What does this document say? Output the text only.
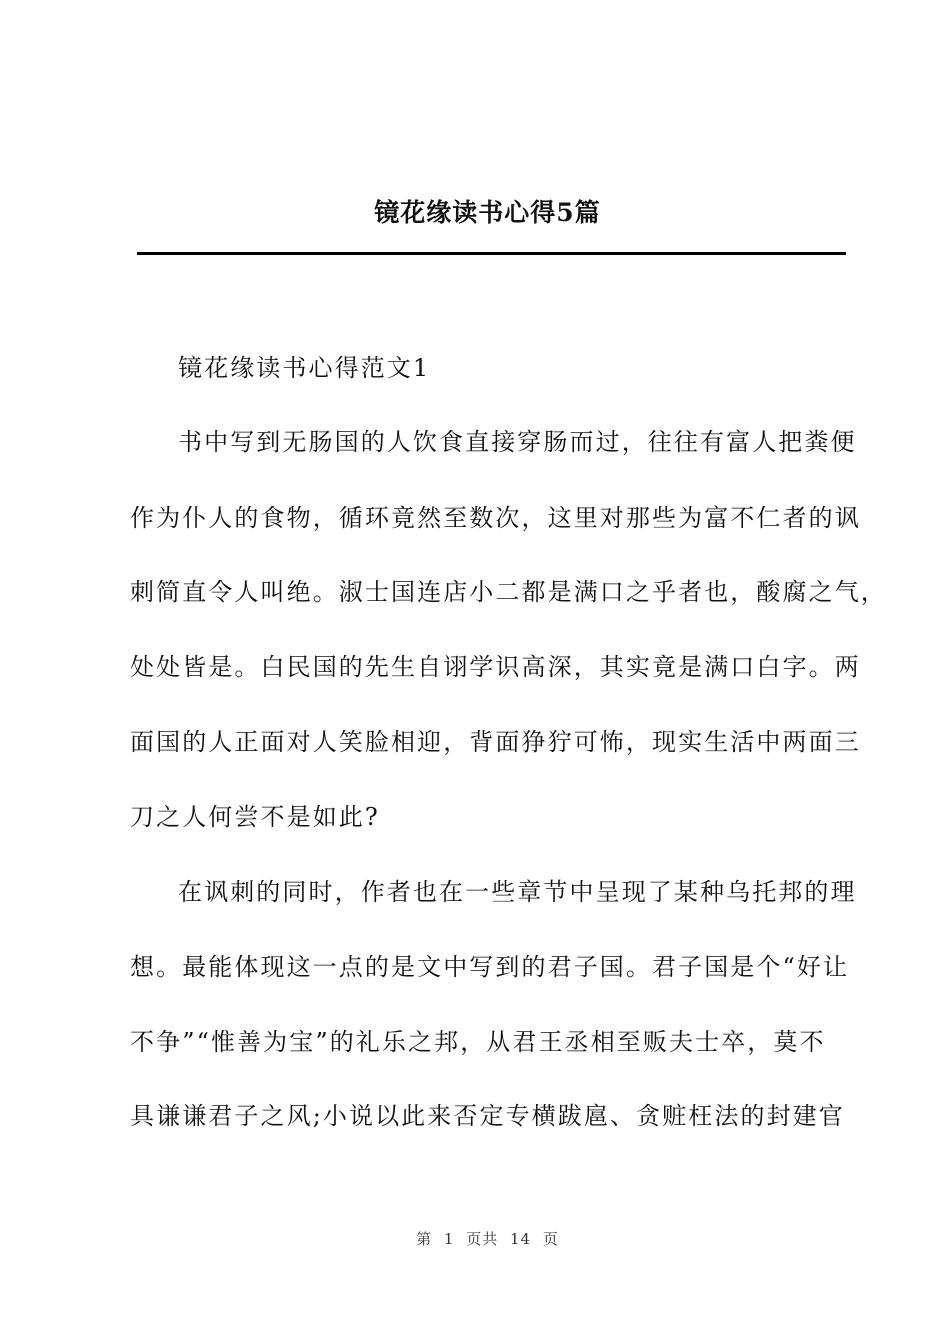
镜花缘读书心得5篇
镜花缘读书心得范文1
书中写到无肠国的人饮食直接穿肠而过，往往有富人把粪便
作为仆人的食物，循环竟然至数次，这里对那些为富不仁者的讽
刺简直令人叫绝。淑士国连店小二都是满口之乎者也，酸腐之气，
处处皆是。白民国的先生自诩学识高深，其实竟是满口白字。两
面国的人正面对人笑脸相迎，背面狰狞可怖，现实生活中两面三
刀之人何尝不是如此?
在讽刺的同时，作者也在一些章节中呈现了某种乌托邦的理
想。最能体现这一点的是文中写到的君子国。君子国是个“好让
不争”“惟善为宝”的礼乐之邦，从君王丞相至贩夫士卒，莫不
具谦谦君子之风;小说以此来否定专横跋扈、贪赃枉法的封建官
第 1 页共 14 页
